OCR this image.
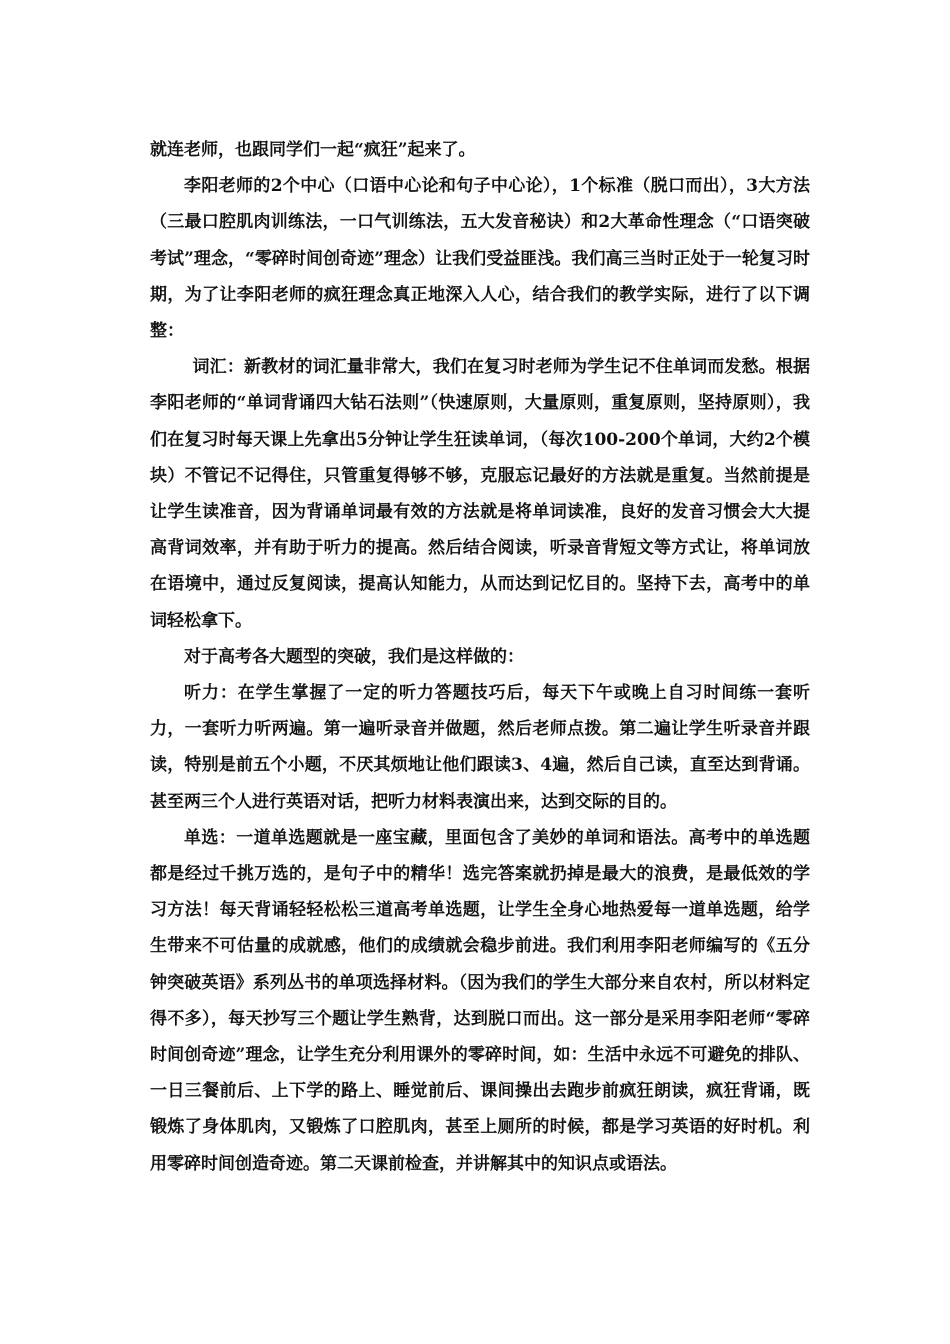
就连老师，也跟同学们一起“疯狂”起来了。

李阳老师的2个中心（口语中心论和句子中心论），1个标准（脱口而出），3大方法（三最口腔肌肉训练法，一口气训练法，五大发音秘诀）和2大革命性理念（“口语突破考试”理念，“零碎时间创奇迹”理念）让我们受益匪浅。我们高三当时正处于一轮复习时期，为了让李阳老师的疯狂理念真正地深入人心，结合我们的教学实际，进行了以下调整：

词汇：新教材的词汇量非常大，我们在复习时老师为学生记不住单词而发愁。根据李阳老师的“单词背诵四大钻石法则”（快速原则，大量原则，重复原则，坚持原则），我们在复习时每天课上先拿出5分钟让学生狂读单词，（每次100-200个单词，大约2个模块）不管记不记得住，只管重复得够不够，克服忘记最好的方法就是重复。当然前提是让学生读准音，因为背诵单词最有效的方法就是将单词读准，良好的发音习惯会大大提高背词效率，并有助于听力的提高。然后结合阅读，听录音背短文等方式让，将单词放在语境中，通过反复阅读，提高认知能力，从而达到记忆目的。坚持下去，高考中的单词轻松拿下。

对于高考各大题型的突破，我们是这样做的：

听力：在学生掌握了一定的听力答题技巧后，每天下午或晚上自习时间练一套听力，一套听力听两遍。第一遍听录音并做题，然后老师点拨。第二遍让学生听录音并跟读，特别是前五个小题，不厌其烦地让他们跟读3、4遍，然后自己读，直至达到背诵。甚至两三个人进行英语对话，把听力材料表演出来，达到交际的目的。

单选：一道单选题就是一座宝藏，里面包含了美妙的单词和语法。高考中的单选题都是经过千挑万选的，是句子中的精华！选完答案就扔掉是最大的浪费，是最低效的学习方法！每天背诵轻轻松松三道高考单选题，让学生全身心地热爱每一道单选题，给学生带来不可估量的成就感，他们的成绩就会稳步前进。我们利用李阳老师编写的《五分钟突破英语》系列丛书的单项选择材料。（因为我们的学生大部分来自农村，所以材料定得不多），每天抄写三个题让学生熟背，达到脱口而出。这一部分是采用李阳老师“零碎时间创奇迹”理念，让学生充分利用课外的零碎时间，如：生活中永远不可避免的排队、一日三餐前后、上下学的路上、睡觉前后、课间操出去跑步前疯狂朗读，疯狂背诵，既锻炼了身体肌肉，又锻炼了口腔肌肉，甚至上厕所的时候，都是学习英语的好时机。利用零碎时间创造奇迹。第二天课前检查，并讲解其中的知识点或语法。
